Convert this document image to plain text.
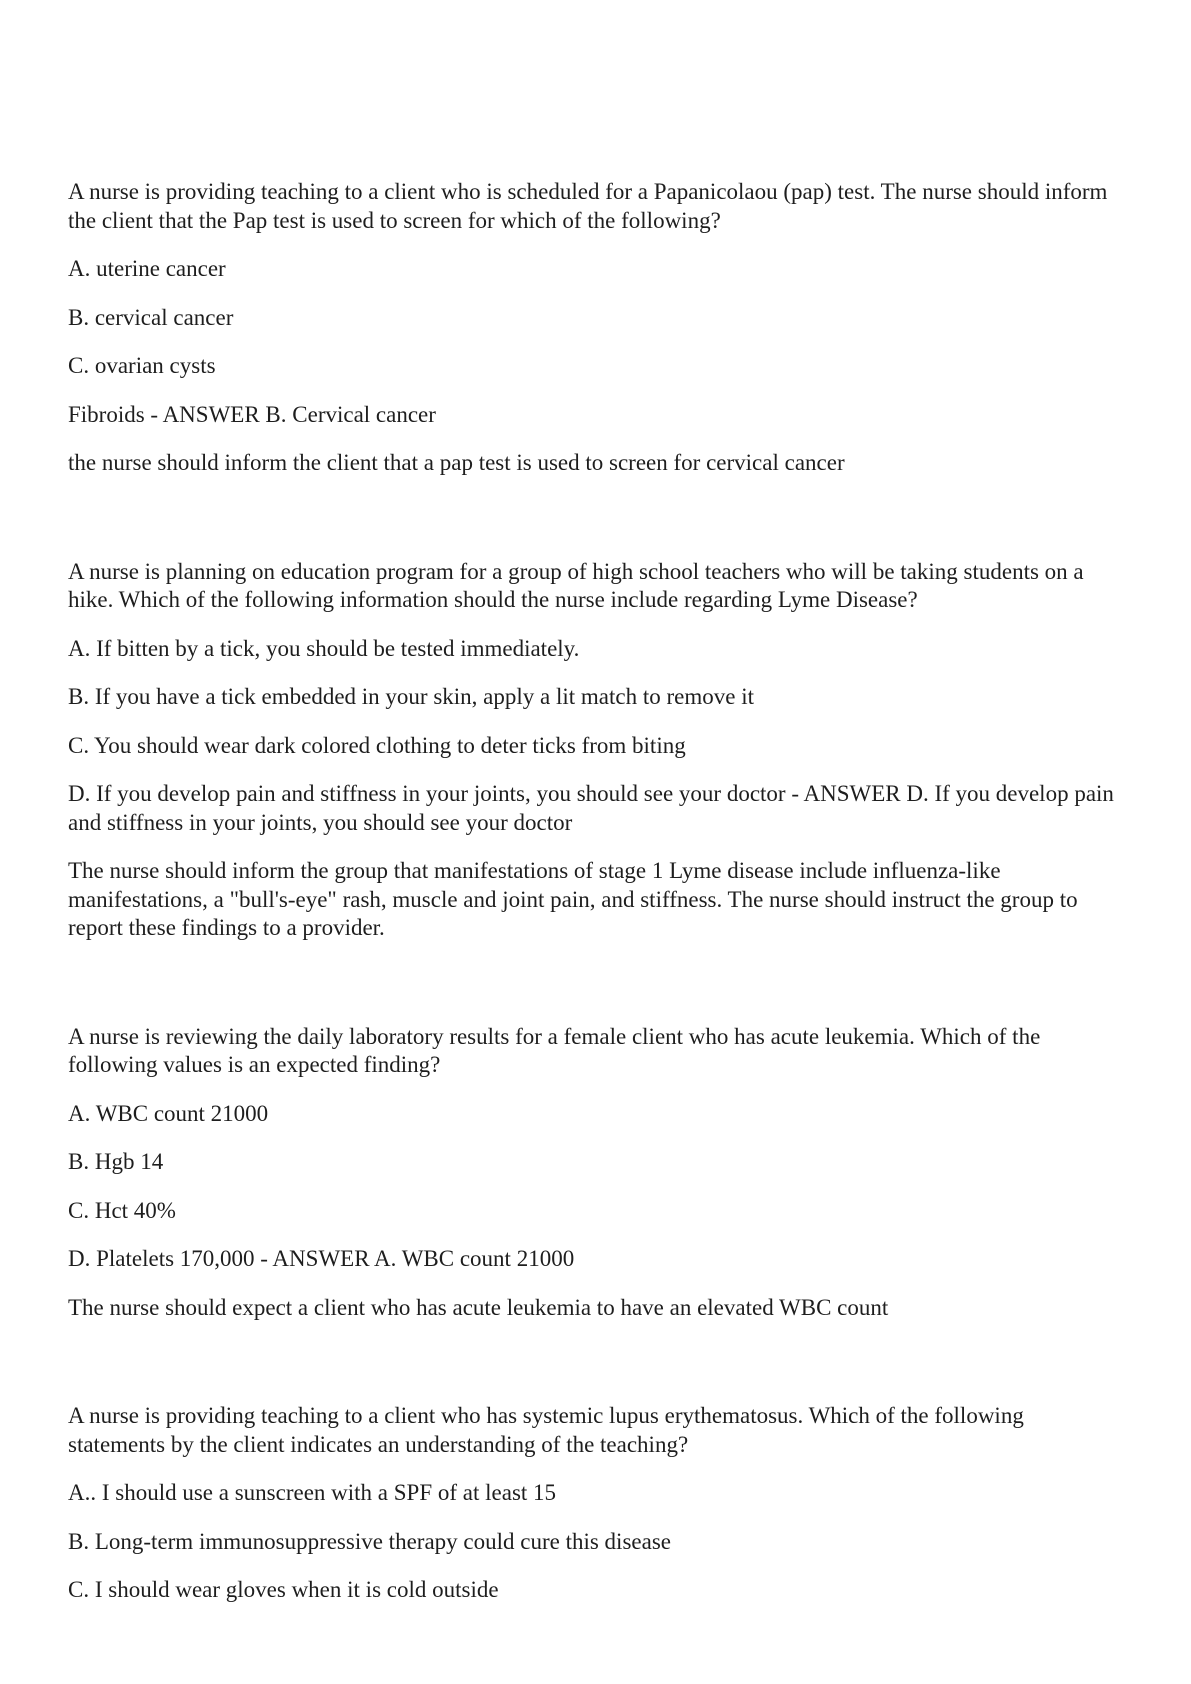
A nurse is providing teaching to a client who is scheduled for a Papanicolaou (pap) test. The nurse should inform the client that the Pap test is used to screen for which of the following?

A. uterine cancer

B. cervical cancer

C. ovarian cysts

Fibroids - ANSWER B. Cervical cancer

the nurse should inform the client that a pap test is used to screen for cervical cancer

A nurse is planning on education program for a group of high school teachers who will be taking students on a hike. Which of the following information should the nurse include regarding Lyme Disease?

A. If bitten by a tick, you should be tested immediately.

B. If you have a tick embedded in your skin, apply a lit match to remove it

C. You should wear dark colored clothing to deter ticks from biting

D. If you develop pain and stiffness in your joints, you should see your doctor - ANSWER D. If you develop pain and stiffness in your joints, you should see your doctor

The nurse should inform the group that manifestations of stage 1 Lyme disease include influenza-like manifestations, a "bull's-eye" rash, muscle and joint pain, and stiffness. The nurse should instruct the group to report these findings to a provider.

A nurse is reviewing the daily laboratory results for a female client who has acute leukemia. Which of the following values is an expected finding?

A. WBC count 21000

B. Hgb 14

C. Hct 40%

D. Platelets 170,000 - ANSWER A. WBC count 21000

The nurse should expect a client who has acute leukemia to have an elevated WBC count

A nurse is providing teaching to a client who has systemic lupus erythematosus. Which of the following statements by the client indicates an understanding of the teaching?

A.. I should use a sunscreen with a SPF of at least 15

B. Long-term immunosuppressive therapy could cure this disease

C. I should wear gloves when it is cold outside
